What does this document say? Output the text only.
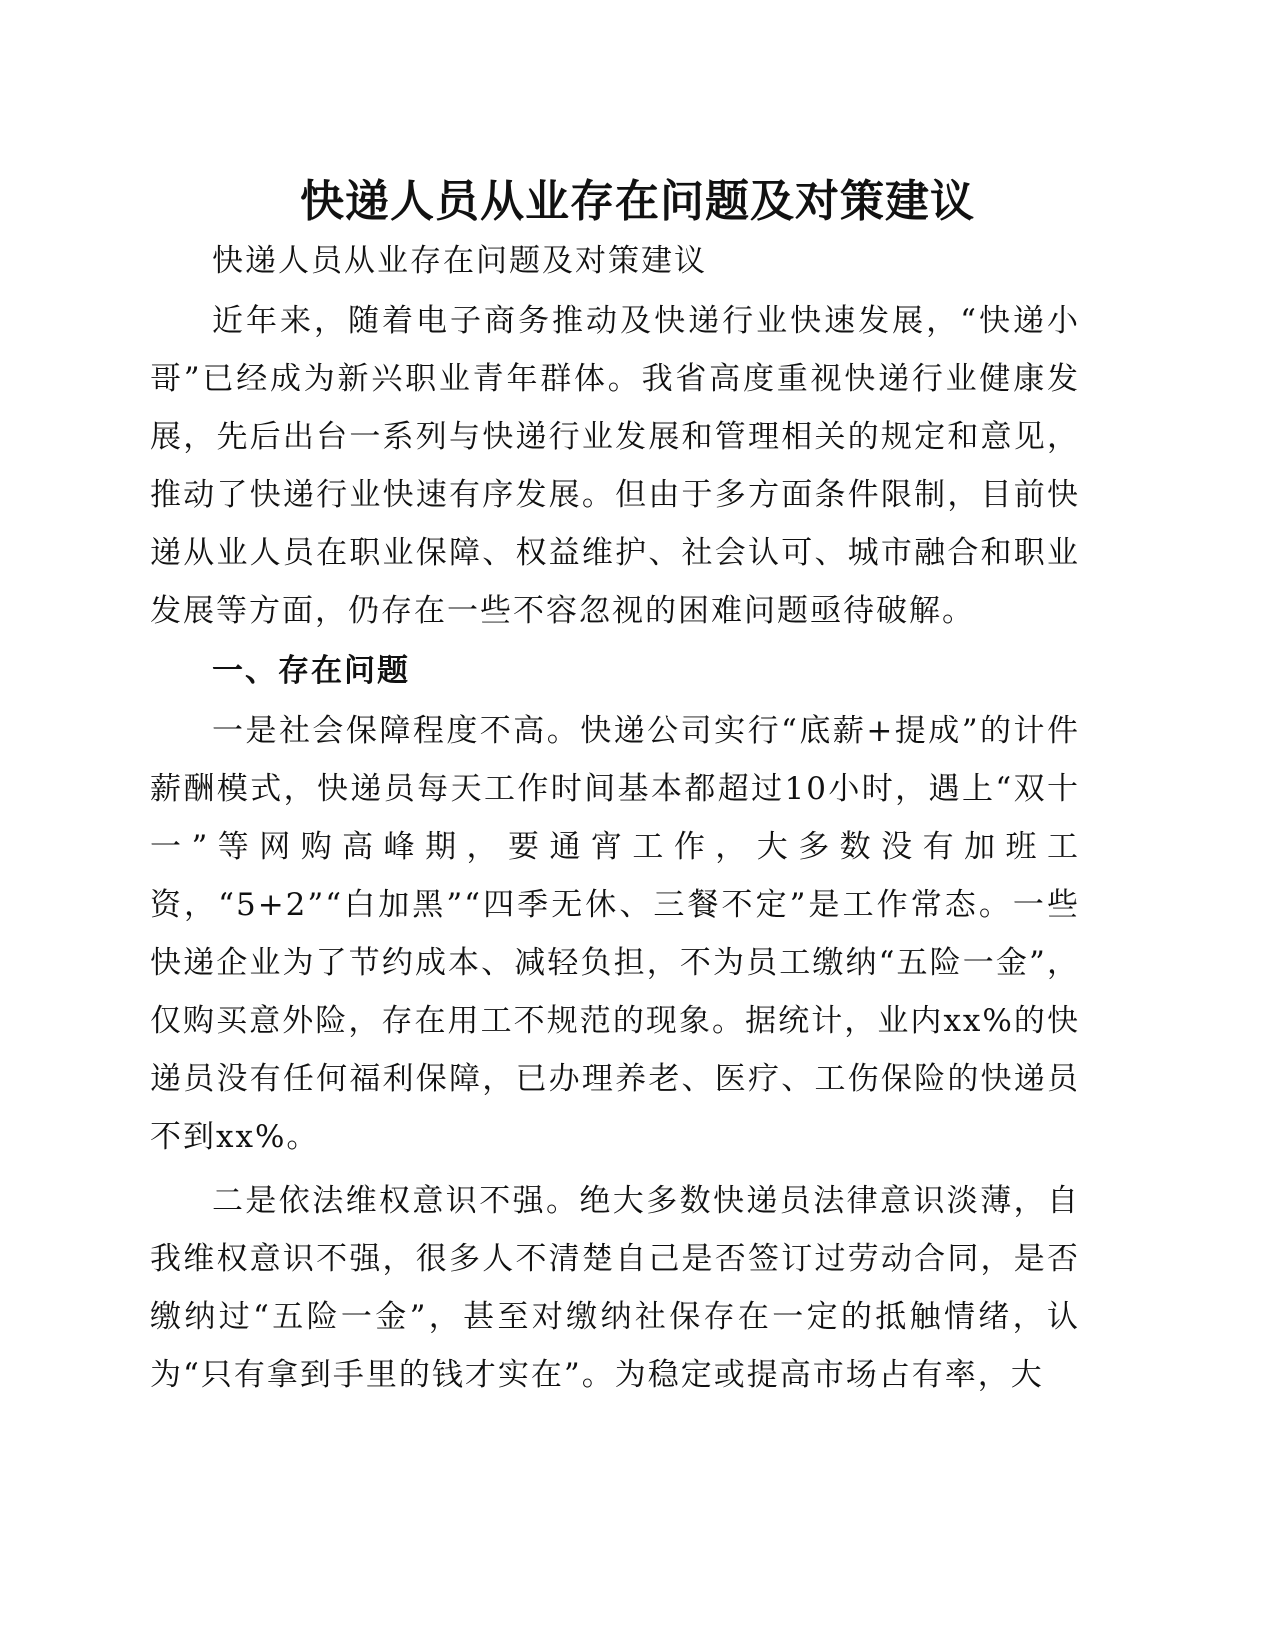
快递人员从业存在问题及对策建议

快递人员从业存在问题及对策建议

近年来，随着电子商务推动及快递行业快速发展，“快递小哥”已经成为新兴职业青年群体。我省高度重视快递行业健康发展，先后出台一系列与快递行业发展和管理相关的规定和意见，推动了快递行业快速有序发展。但由于多方面条件限制，目前快递从业人员在职业保障、权益维护、社会认可、城市融合和职业发展等方面，仍存在一些不容忽视的困难问题亟待破解。

一、存在问题

一是社会保障程度不高。快递公司实行“底薪+提成”的计件薪酬模式，快递员每天工作时间基本都超过10小时，遇上“双十一”等网购高峰期，要通宵工作，大多数没有加班工资，“5+2”“白加黑”“四季无休、三餐不定”是工作常态。一些快递企业为了节约成本、减轻负担，不为员工缴纳“五险一金”，仅购买意外险，存在用工不规范的现象。据统计，业内xx%的快递员没有任何福利保障，已办理养老、医疗、工伤保险的快递员不到xx%。

二是依法维权意识不强。绝大多数快递员法律意识淡薄，自我维权意识不强，很多人不清楚自己是否签订过劳动合同，是否缴纳过“五险一金”，甚至对缴纳社保存在一定的抵触情绪，认为“只有拿到手里的钱才实在”。为稳定或提高市场占有率，大
